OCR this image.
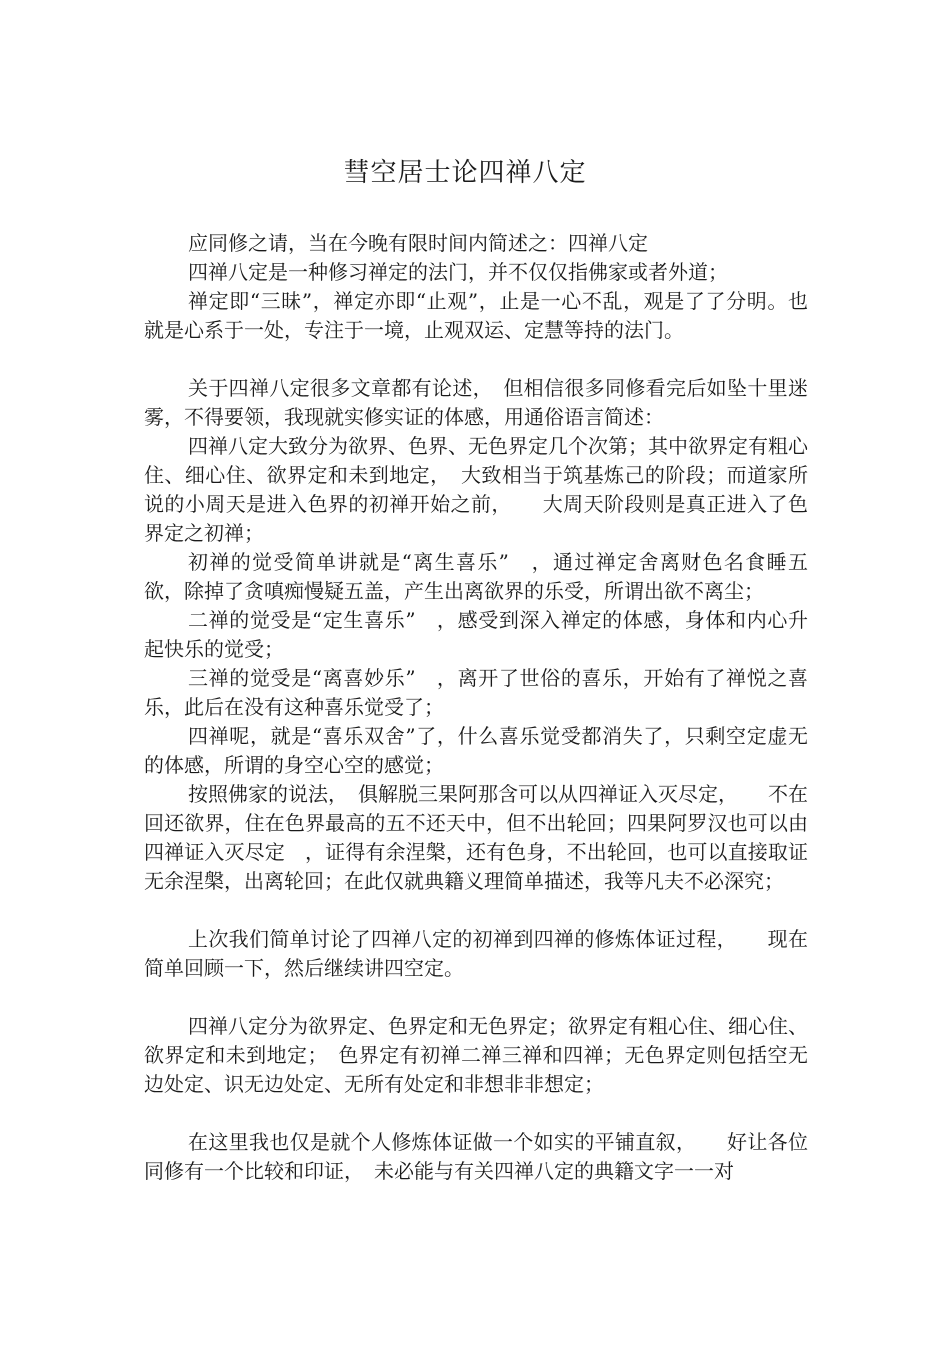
彗空居士论四禅八定

应同修之请，当在今晚有限时间内简述之：四禅八定

四禅八定是一种修习禅定的法门，并不仅仅指佛家或者外道；

禅定即“三昧”，禅定亦即“止观”，止是一心不乱，观是了了分明。也就是心系于一处，专注于一境，止观双运、定慧等持的法门。

关于四禅八定很多文章都有论述，　但相信很多同修看完后如坠十里迷雾，不得要领，我现就实修实证的体感，用通俗语言简述：

四禅八定大致分为欲界、色界、无色界定几个次第；其中欲界定有粗心住、细心住、欲界定和未到地定，　大致相当于筑基炼己的阶段；而道家所说的小周天是进入色界的初禅开始之前，　　大周天阶段则是真正进入了色界定之初禅；

初禅的觉受简单讲就是“离生喜乐”　，通过禅定舍离财色名食睡五欲，除掉了贪嗔痴慢疑五盖，产生出离欲界的乐受，所谓出欲不离尘；

二禅的觉受是“定生喜乐”　，感受到深入禅定的体感，身体和内心升起快乐的觉受；

三禅的觉受是“离喜妙乐”　，离开了世俗的喜乐，开始有了禅悦之喜乐，此后在没有这种喜乐觉受了；

四禅呢，就是“喜乐双舍”了，什么喜乐觉受都消失了，只剩空定虚无的体感，所谓的身空心空的感觉；

按照佛家的说法，　俱解脱三果阿那含可以从四禅证入灭尽定，　　不在回还欲界，住在色界最高的五不还天中，但不出轮回；四果阿罗汉也可以由四禅证入灭尽定　，证得有余涅槃，还有色身，不出轮回，也可以直接取证无余涅槃，出离轮回；在此仅就典籍义理简单描述，我等凡夫不必深究；

上次我们简单讨论了四禅八定的初禅到四禅的修炼体证过程，　　现在简单回顾一下，然后继续讲四空定。

四禅八定分为欲界定、色界定和无色界定；欲界定有粗心住、细心住、欲界定和未到地定；　色界定有初禅二禅三禅和四禅；无色界定则包括空无边处定、识无边处定、无所有处定和非想非非想定；

在这里我也仅是就个人修炼体证做一个如实的平铺直叙，　　好让各位同修有一个比较和印证，　未必能与有关四禅八定的典籍文字一一对
